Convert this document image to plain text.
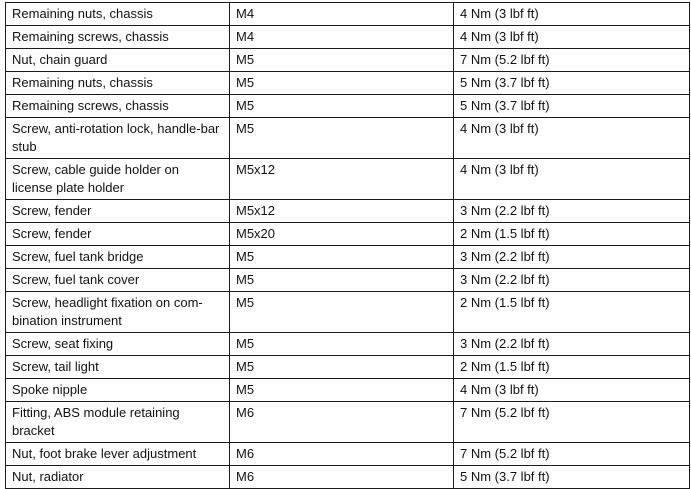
Remaining nuts, chassis	M4	4 Nm (3 lbf ft)
Remaining screws, chassis	M4	4 Nm (3 lbf ft)
Nut, chain guard	M5	7 Nm (5.2 lbf ft)
Remaining nuts, chassis	M5	5 Nm (3.7 lbf ft)
Remaining screws, chassis	M5	5 Nm (3.7 lbf ft)
Screw, anti-rotation lock, handle-bar stub	M5	4 Nm (3 lbf ft)
Screw, cable guide holder on license plate holder	M5x12	4 Nm (3 lbf ft)
Screw, fender	M5x12	3 Nm (2.2 lbf ft)
Screw, fender	M5x20	2 Nm (1.5 lbf ft)
Screw, fuel tank bridge	M5	3 Nm (2.2 lbf ft)
Screw, fuel tank cover	M5	3 Nm (2.2 lbf ft)
Screw, headlight fixation on com-bination instrument	M5	2 Nm (1.5 lbf ft)
Screw, seat fixing	M5	3 Nm (2.2 lbf ft)
Screw, tail light	M5	2 Nm (1.5 lbf ft)
Spoke nipple	M5	4 Nm (3 lbf ft)
Fitting, ABS module retaining bracket	M6	7 Nm (5.2 lbf ft)
Nut, foot brake lever adjustment	M6	7 Nm (5.2 lbf ft)
Nut, radiator	M6	5 Nm (3.7 lbf ft)
